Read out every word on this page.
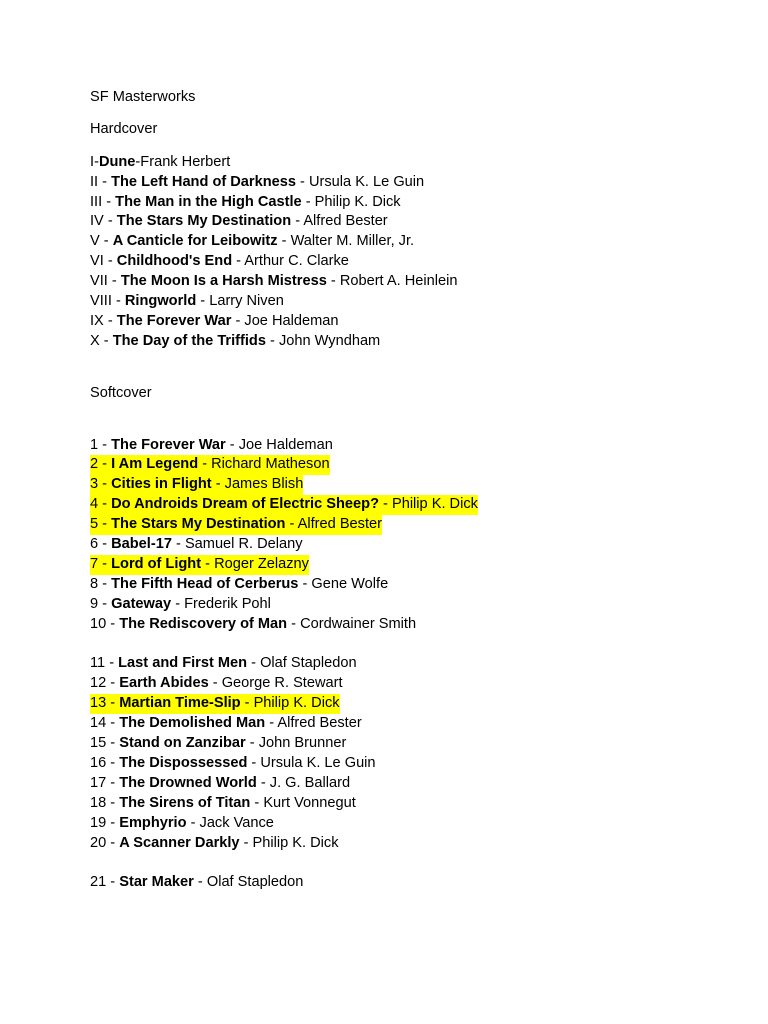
SF Masterworks
Hardcover
I-Dune-Frank Herbert
II - The Left Hand of Darkness - Ursula K. Le Guin
III - The Man in the High Castle - Philip K. Dick
IV - The Stars My Destination - Alfred Bester
V - A Canticle for Leibowitz - Walter M. Miller, Jr.
VI - Childhood's End - Arthur C. Clarke
VII - The Moon Is a Harsh Mistress - Robert A. Heinlein
VIII - Ringworld - Larry Niven
IX - The Forever War - Joe Haldeman
X - The Day of the Triffids - John Wyndham
Softcover
1 - The Forever War - Joe Haldeman
2 - I Am Legend - Richard Matheson
3 - Cities in Flight - James Blish
4 - Do Androids Dream of Electric Sheep? - Philip K. Dick
5 - The Stars My Destination - Alfred Bester
6 - Babel-17 - Samuel R. Delany
7 - Lord of Light - Roger Zelazny
8 - The Fifth Head of Cerberus - Gene Wolfe
9 - Gateway - Frederik Pohl
10 - The Rediscovery of Man - Cordwainer Smith
11 - Last and First Men - Olaf Stapledon
12 - Earth Abides - George R. Stewart
13 - Martian Time-Slip - Philip K. Dick
14 - The Demolished Man - Alfred Bester
15 - Stand on Zanzibar - John Brunner
16 - The Dispossessed - Ursula K. Le Guin
17 - The Drowned World - J. G. Ballard
18 - The Sirens of Titan - Kurt Vonnegut
19 - Emphyrio - Jack Vance
20 - A Scanner Darkly - Philip K. Dick
21 - Star Maker - Olaf Stapledon
